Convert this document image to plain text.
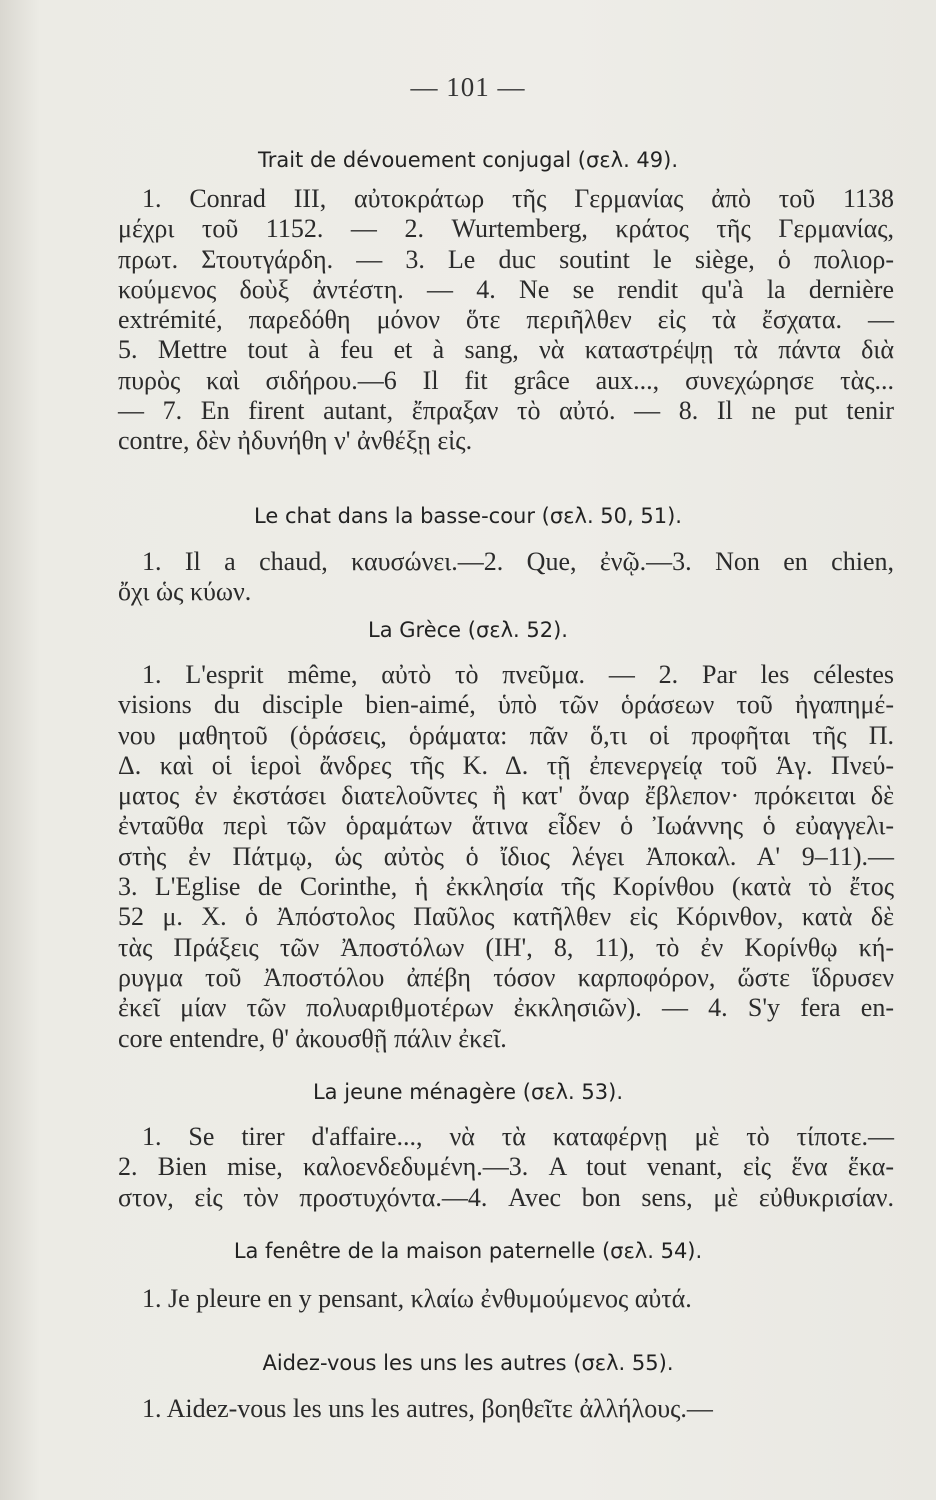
— 101 —
Trait de dévouement conjugal (σελ. 49).
1. Conrad III, αὐτοκράτωρ τῆς Γερμανίας ἀπὸ τοῦ 1138
μέχρι τοῦ 1152. — 2. Wurtemberg, κράτος τῆς Γερμανίας,
πρωτ. Στουτγάρδη. — 3. Le duc soutint le siège, ὁ πολιορ-
κούμενος δοὺξ ἀντέστη. — 4. Ne se rendit qu'à la dernière
extrémité, παρεδόθη μόνον ὅτε περιῆλθεν εἰς τὰ ἔσχατα. —
5. Mettre tout à feu et à sang, νὰ καταστρέψῃ τὰ πάντα διὰ
πυρὸς καὶ σιδήρου.—6 Il fit grâce aux..., συνεχώρησε τὰς...
— 7. En firent autant, ἔπραξαν τὸ αὐτό. — 8. Il ne put tenir
contre, δὲν ἠδυνήθη ν' ἀνθέξῃ εἰς.
Le chat dans la basse-cour (σελ. 50, 51).
1. Il a chaud, καυσώνει.—2. Que, ἐνῷ.—3. Non en chien,
ὄχι ὡς κύων.
La Grèce (σελ. 52).
1. L'esprit même, αὐτὸ τὸ πνεῦμα. — 2. Par les célestes
visions du disciple bien-aimé, ὑπὸ τῶν ὁράσεων τοῦ ἠγαπημέ-
νου μαθητοῦ (ὁράσεις, ὁράματα: πᾶν ὅ,τι οἱ προφῆται τῆς Π.
Δ. καὶ οἱ ἱεροὶ ἄνδρες τῆς Κ. Δ. τῇ ἐπενεργείᾳ τοῦ Ἁγ. Πνεύ-
ματος ἐν ἐκστάσει διατελοῦντες ἢ κατ' ὄναρ ἔβλεπον· πρόκειται δὲ
ἐνταῦθα περὶ τῶν ὁραμάτων ἅτινα εἶδεν ὁ Ἰωάννης ὁ εὐαγγελι-
στὴς ἐν Πάτμῳ, ὡς αὐτὸς ὁ ἴδιος λέγει Ἀποκαλ. Α' 9–11).—
3. L'Eglise de Corinthe, ἡ ἐκκλησία τῆς Κορίνθου (κατὰ τὸ ἔτος
52 μ. Χ. ὁ Ἀπόστολος Παῦλος κατῆλθεν εἰς Κόρινθον, κατὰ δὲ
τὰς Πράξεις τῶν Ἀποστόλων (ΙΗ', 8, 11), τὸ ἐν Κορίνθῳ κή-
ρυγμα τοῦ Ἀποστόλου ἀπέβη τόσον καρποφόρον, ὥστε ἵδρυσεν
ἐκεῖ μίαν τῶν πολυαριθμοτέρων ἐκκλησιῶν). — 4. S'y fera en-
core entendre, θ' ἀκουσθῇ πάλιν ἐκεῖ.
La jeune ménagère (σελ. 53).
1. Se tirer d'affaire..., νὰ τὰ καταφέρνῃ μὲ τὸ τίποτε.—
2. Bien mise, καλοενδεδυμένη.—3. A tout venant, εἰς ἕνα ἕκα-
στον, εἰς τὸν προστυχόντα.—4. Avec bon sens, μὲ εὐθυκρισίαν.
La fenêtre de la maison paternelle (σελ. 54).
1. Je pleure en y pensant, κλαίω ἐνθυμούμενος αὐτά.
Aidez-vous les uns les autres (σελ. 55).
1. Aidez-vous les uns les autres, βοηθεῖτε ἀλλήλους.—
